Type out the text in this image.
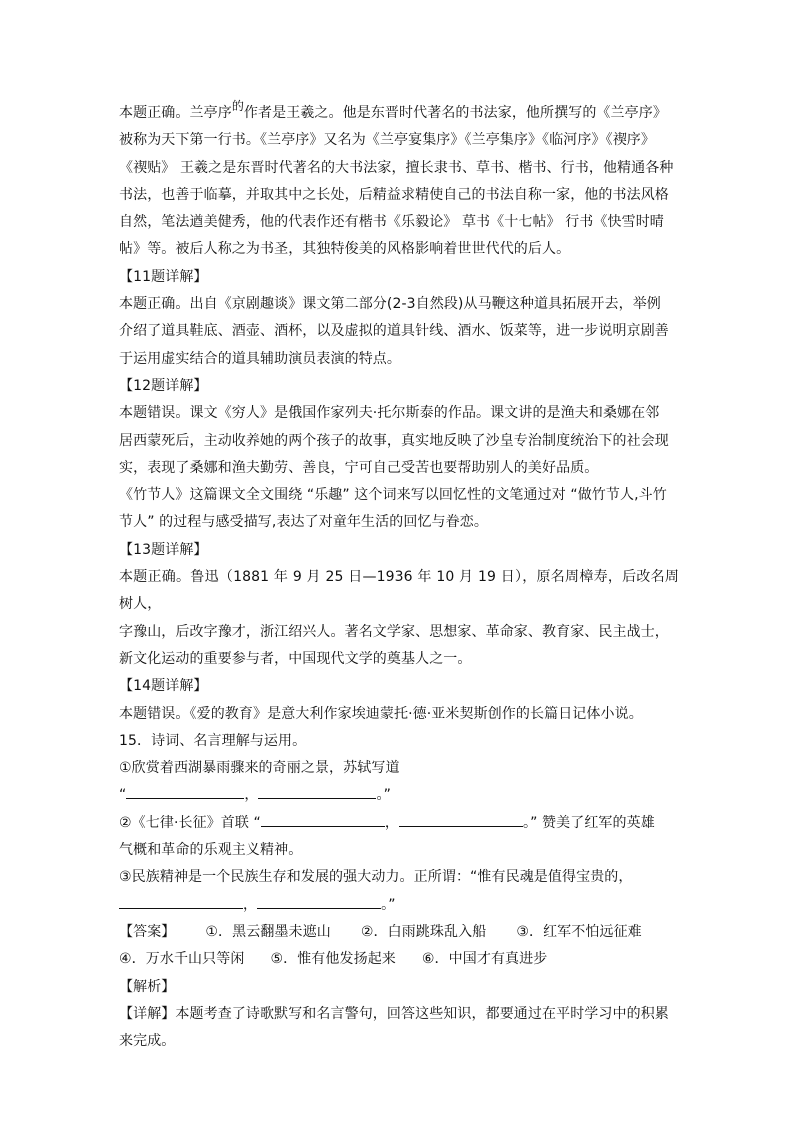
本题正确。兰亭序的作者是王羲之。他是东晋时代著名的书法家，他所撰写的《兰亭序》
被称为天下第一行书。《兰亭序》又名为《兰亭宴集序》《兰亭集序》《临河序》《禊序》
《禊贴》 王羲之是东晋时代著名的大书法家，擅长隶书、草书、楷书、行书，他精通各种
书法，也善于临摹，并取其中之长处，后精益求精使自己的书法自称一家，他的书法风格
自然，笔法遒美健秀，他的代表作还有楷书《乐毅论》 草书《十七帖》 行书《快雪时晴
帖》等。被后人称之为书圣，其独特俊美的风格影响着世世代代的后人。

【11题详解】

本题正确。出自《京剧趣谈》课文第二部分(2-3自然段)从马鞭这种道具拓展开去，举例
介绍了道具鞋底、酒壶、酒杯，以及虚拟的道具针线、酒水、饭菜等，进一步说明京剧善
于运用虚实结合的道具辅助演员表演的特点。

【12题详解】

本题错误。课文《穷人》是俄国作家列夫·托尔斯泰的作品。课文讲的是渔夫和桑娜在邻
居西蒙死后，主动收养她的两个孩子的故事，真实地反映了沙皇专治制度统治下的社会现
实，表现了桑娜和渔夫勤劳、善良，宁可自己受苦也要帮助别人的美好品质。
《竹节人》这篇课文全文围绕 “乐趣” 这个词来写以回忆性的文笔通过对 “做竹节人,斗竹
节人” 的过程与感受描写,表达了对童年生活的回忆与眷恋。

【13题详解】

本题正确。鲁迅（1881 年 9 月 25 日—1936 年 10 月 19 日），原名周樟寿，后改名周树人，
字豫山，后改字豫才，浙江绍兴人。著名文学家、思想家、革命家、教育家、民主战士，
新文化运动的重要参与者，中国现代文学的奠基人之一。

【14题详解】

本题错误。《爱的教育》是意大利作家埃迪蒙托·德·亚米契斯创作的长篇日记体小说。

15．诗词、名言理解与运用。

①欣赏着西湖暴雨骤来的奇丽之景，苏轼写道
“	，	。”

②《七律·长征》首联 “	，	。” 赞美了红军的英雄
气概和革命的乐观主义精神。

③民族精神是一个民族生存和发展的强大动力。正所谓：“惟有民魂是值得宝贵的，
，	。”

【答案】 ①．黑云翻墨未遮山 ②．白雨跳珠乱入船 ③．红军不怕远征难

④．万水千山只等闲 ⑤．惟有他发扬起来 ⑥．中国才有真进步

【解析】

【详解】本题考查了诗歌默写和名言警句，回答这些知识，都要通过在平时学习中的积累
来完成。
